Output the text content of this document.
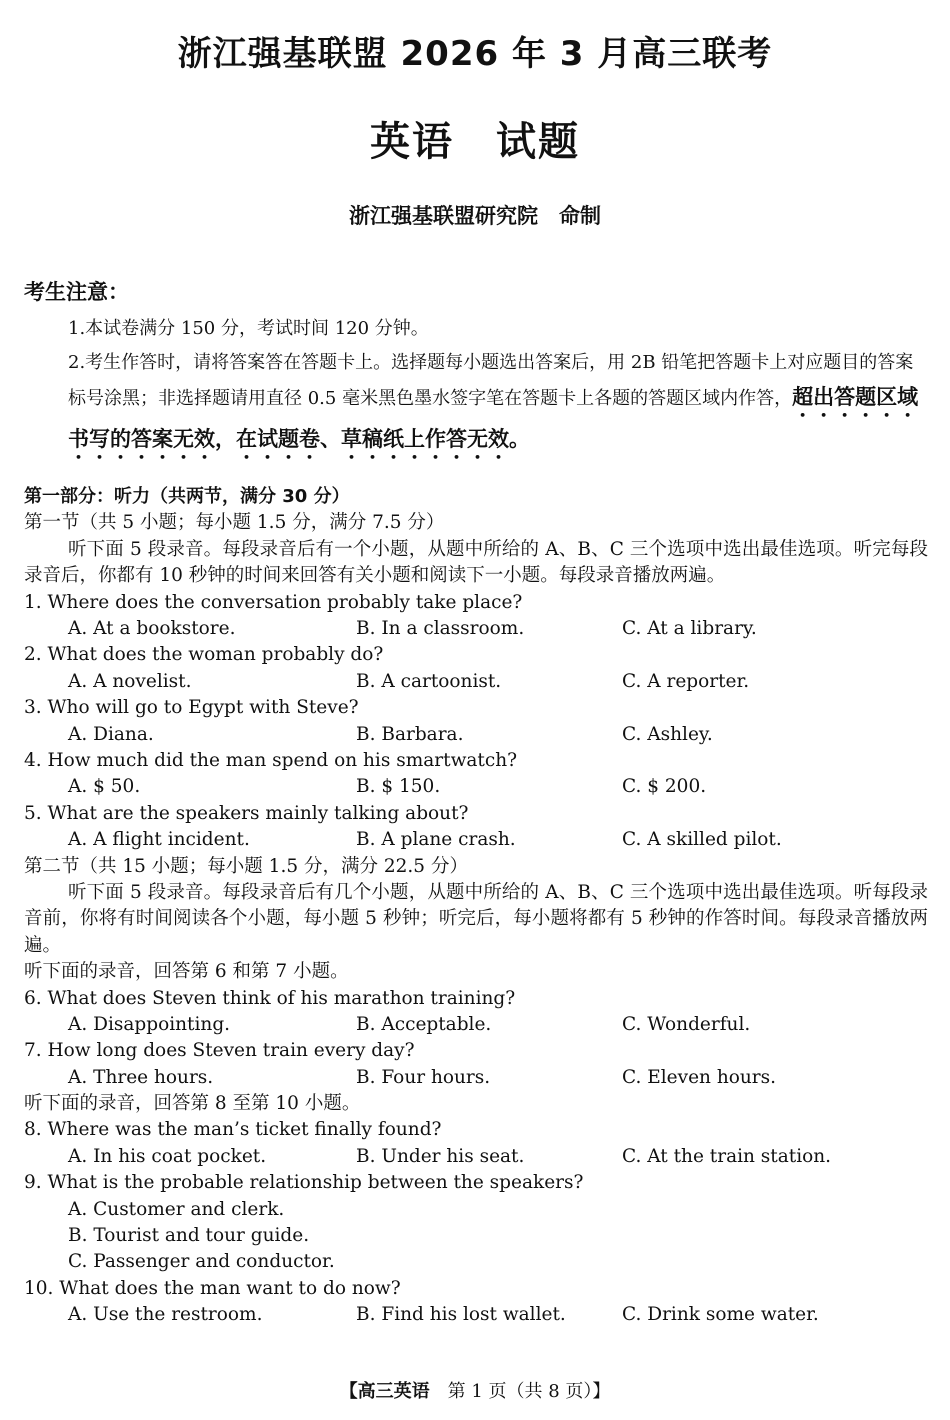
浙江强基联盟 2026 年 3 月高三联考
英语　试题
浙江强基联盟研究院　命制
考生注意：
1.本试卷满分 150 分，考试时间 120 分钟。
2.考生作答时，请将答案答在答题卡上。选择题每小题选出答案后，用 2B 铅笔把答题卡上对应题目的答案标号涂黑；非选择题请用直径 0.5 毫米黑色墨水签字笔在答题卡上各题的答题区域内作答，超出答题区域书写的答案无效，在试题卷、草稿纸上作答无效。
第一部分：听力（共两节，满分 30 分）
第一节（共 5 小题；每小题 1.5 分，满分 7.5 分）
听下面 5 段录音。每段录音后有一个小题，从题中所给的 A、B、C 三个选项中选出最佳选项。听完每段录音后，你都有 10 秒钟的时间来回答有关小题和阅读下一小题。每段录音播放两遍。
1. Where does the conversation probably take place?
A. At a bookstore.	B. In a classroom.	C. At a library.
2. What does the woman probably do?
A. A novelist.	B. A cartoonist.	C. A reporter.
3. Who will go to Egypt with Steve?
A. Diana.	B. Barbara.	C. Ashley.
4. How much did the man spend on his smartwatch?
A. $ 50.	B. $ 150.	C. $ 200.
5. What are the speakers mainly talking about?
A. A flight incident.	B. A plane crash.	C. A skilled pilot.
第二节（共 15 小题；每小题 1.5 分，满分 22.5 分）
听下面 5 段录音。每段录音后有几个小题，从题中所给的 A、B、C 三个选项中选出最佳选项。听每段录音前，你将有时间阅读各个小题，每小题 5 秒钟；听完后，每小题将都有 5 秒钟的作答时间。每段录音播放两遍。
听下面的录音，回答第 6 和第 7 小题。
6. What does Steven think of his marathon training?
A. Disappointing.	B. Acceptable.	C. Wonderful.
7. How long does Steven train every day?
A. Three hours.	B. Four hours.	C. Eleven hours.
听下面的录音，回答第 8 至第 10 小题。
8. Where was the man’s ticket finally found?
A. In his coat pocket.	B. Under his seat.	C. At the train station.
9. What is the probable relationship between the speakers?
A. Customer and clerk.
B. Tourist and tour guide.
C. Passenger and conductor.
10. What does the man want to do now?
A. Use the restroom.	B. Find his lost wallet.	C. Drink some water.
【高三英语　 第 1 页（共 8 页）】
